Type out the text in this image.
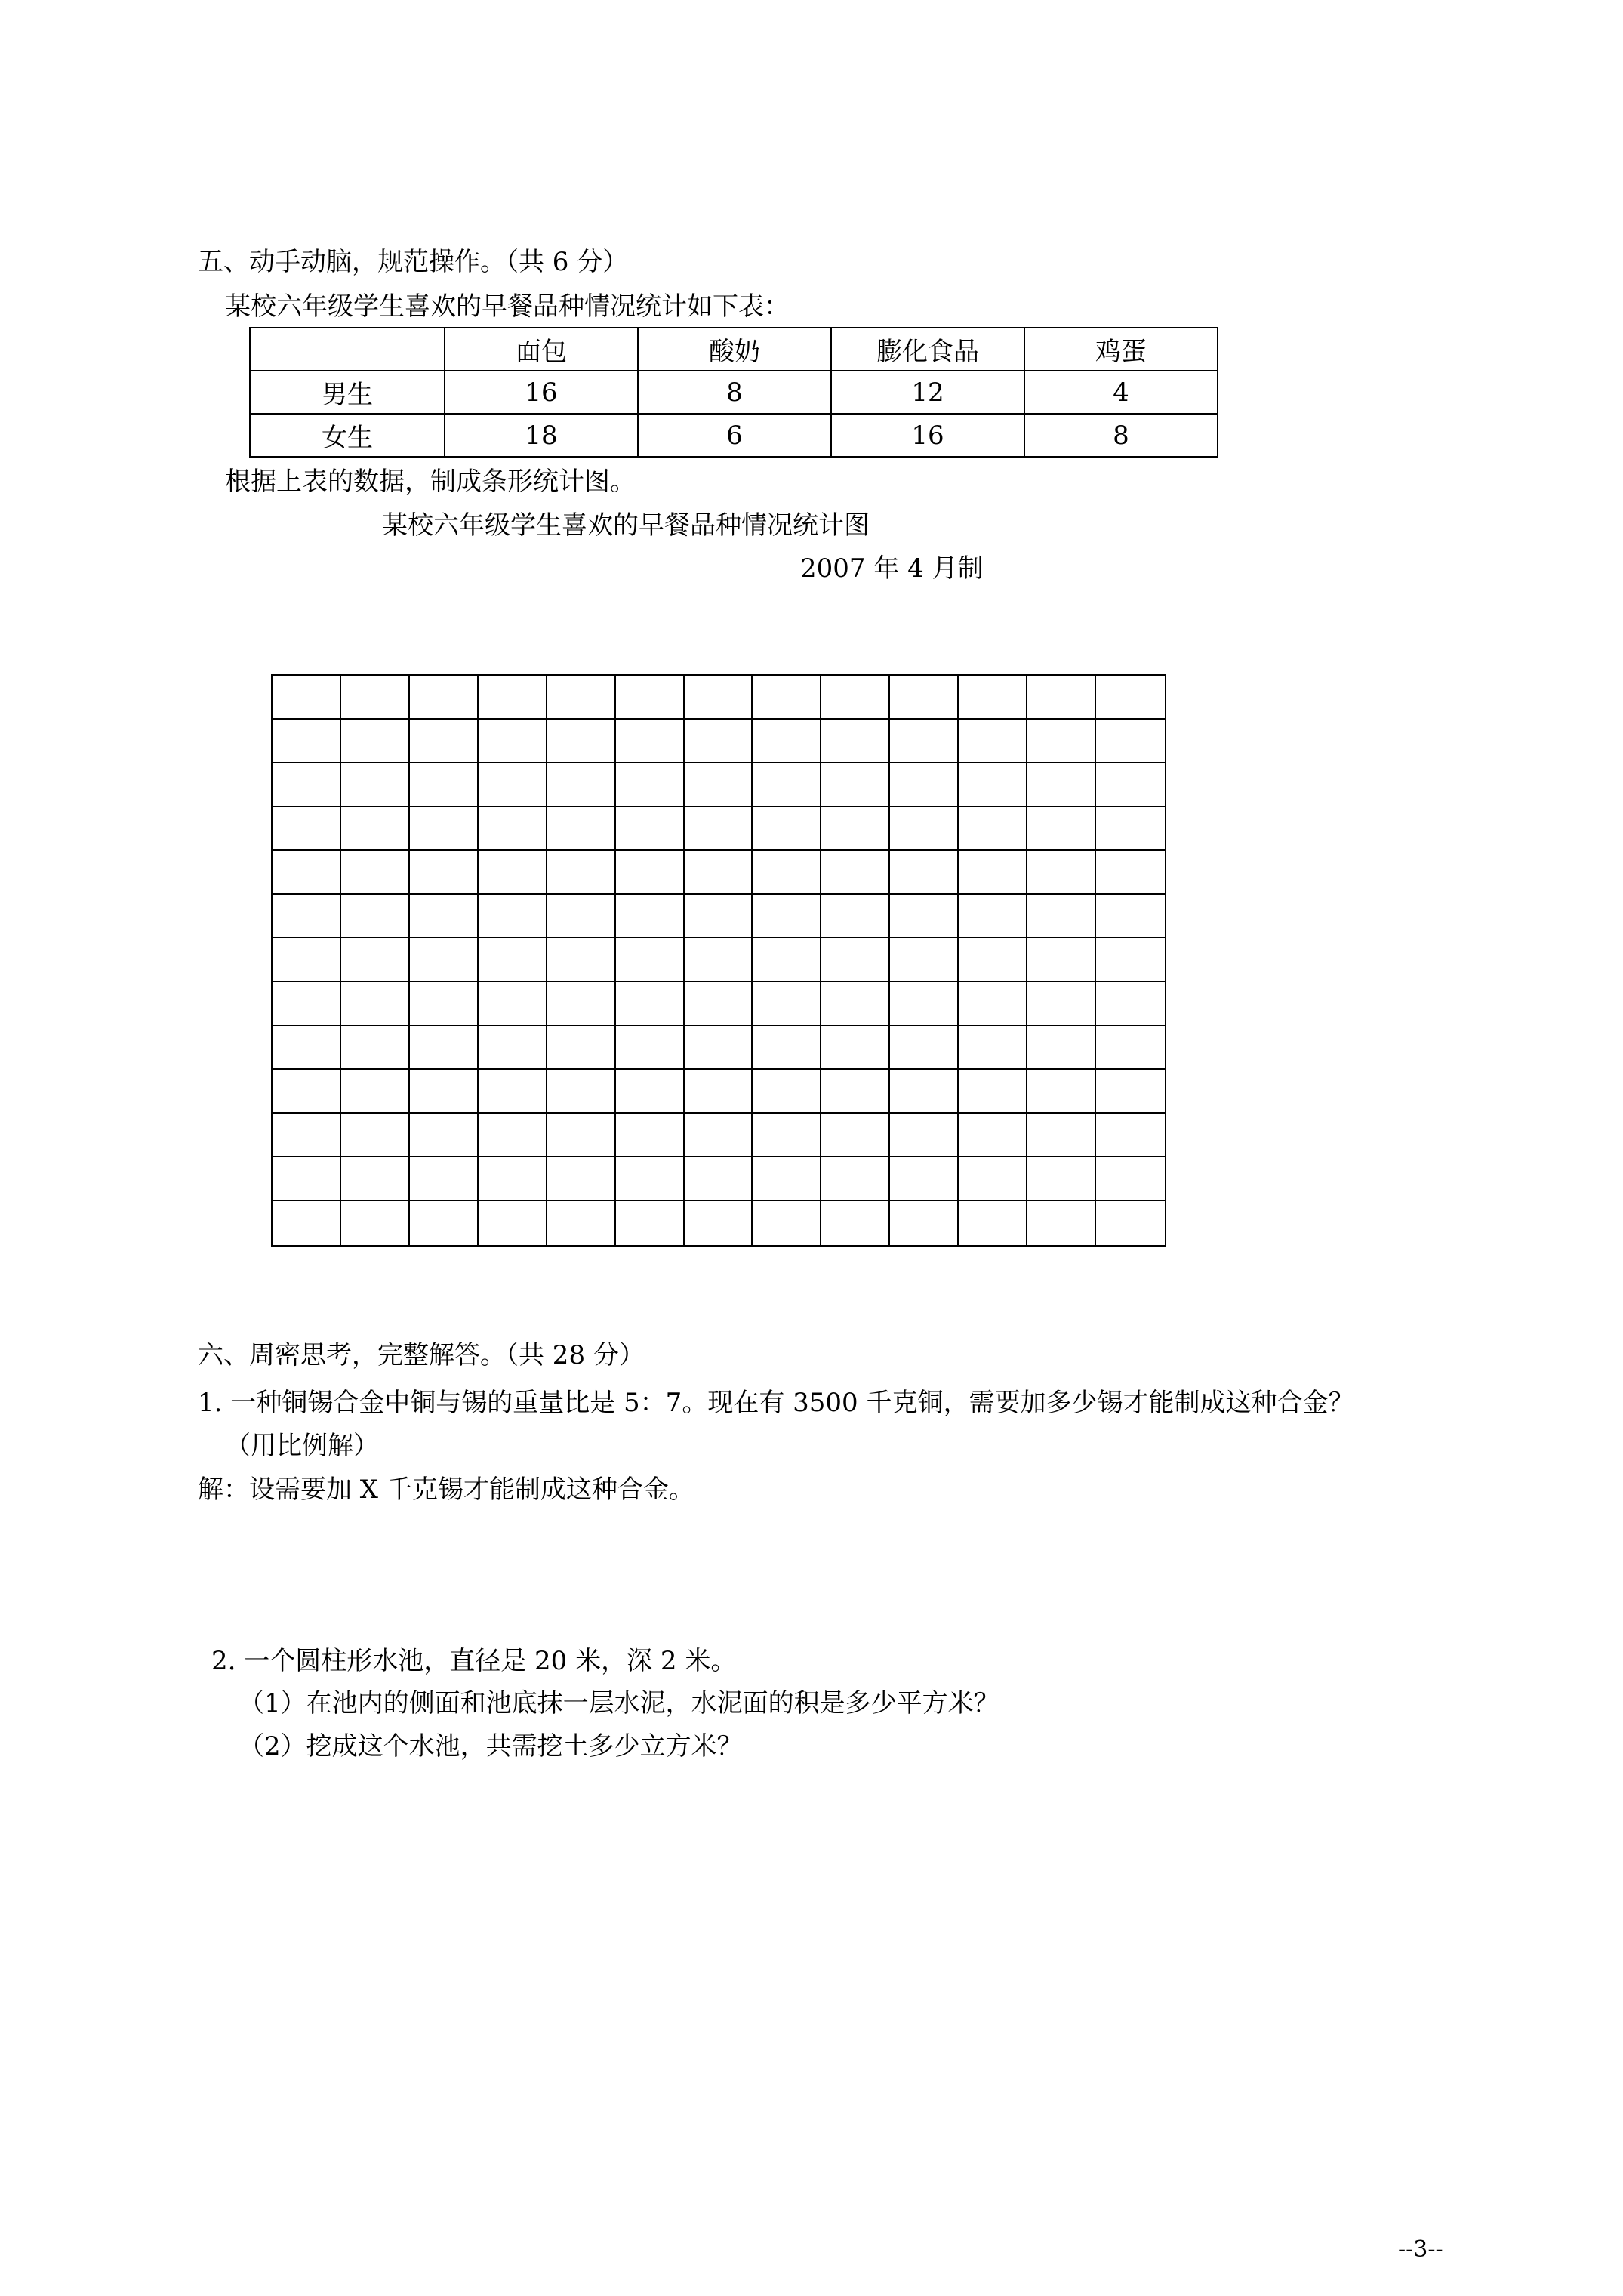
五、动手动脑，规范操作。（共 6 分）
某校六年级学生喜欢的早餐品种情况统计如下表：
	面包	酸奶	膨化食品	鸡蛋
男生	16	8	12	4
女生	18	6	16	8
根据上表的数据，制成条形统计图。
某校六年级学生喜欢的早餐品种情况统计图
2007 年 4 月制
六、周密思考，完整解答。（共 28 分）
1. 一种铜锡合金中铜与锡的重量比是 5：7。现在有 3500 千克铜，需要加多少锡才能制成这种合金？
（用比例解）
解：设需要加 X 千克锡才能制成这种合金。
2. 一个圆柱形水池，直径是 20 米，深 2 米。
（1）在池内的侧面和池底抹一层水泥，水泥面的积是多少平方米？
（2）挖成这个水池，共需挖土多少立方米？
--3--
